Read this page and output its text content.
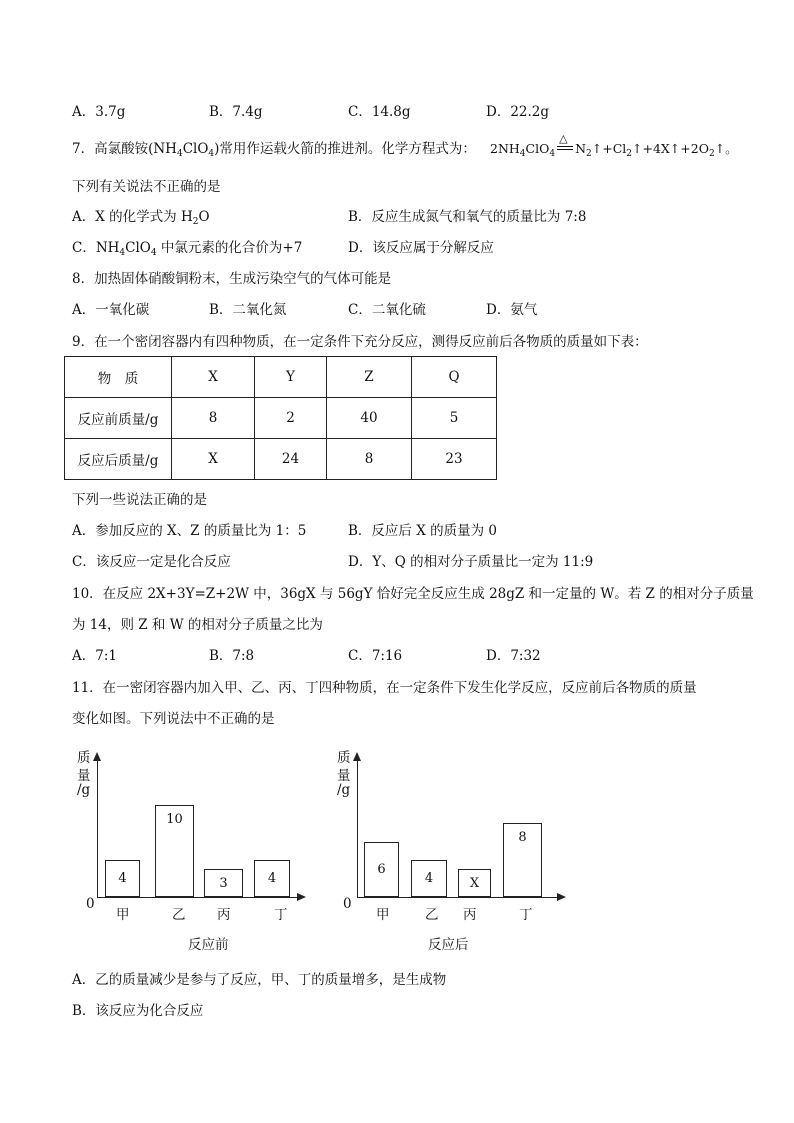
A．3.7g	B．7.4g	C．14.8g	D．22.2g
7．高氯酸铵$(NH_4ClO_4)$常用作运载火箭的推进剂。化学方程式为： $2NH_4ClO_4$
△
$N_2↑+Cl_2↑+4X↑+2O_2↑$。
下列有关说法不正确的是
A．X 的化学式为 $H_2O$	B．反应生成氮气和氧气的质量比为 7:8
C．$NH_4ClO_4$ 中氯元素的化合价为+7	D．该反应属于分解反应
8．加热固体硝酸铜粉末，生成污染空气的气体可能是
A．一氧化碳	B．二氧化氮	C．二氧化硫	D．氨气
9．在一个密闭容器内有四种物质，在一定条件下充分反应，测得反应前后各物质的质量如下表：
物　质	X	Y	Z	Q
反应前质量/g	8	2	40	5
反应后质量/g	X	24	8	23
下列一些说法正确的是
A．参加反应的 X、Z 的质量比为 1：5	B．反应后 X 的质量为 0
C．该反应一定是化合反应	D．Y、Q 的相对分子质量比一定为 11:9
10．在反应 2X+3Y=Z+2W 中，36gX 与 56gY 恰好完全反应生成 28gZ 和一定量的 W。若 Z 的相对分子质量
为 14，则 Z 和 W 的相对分子质量之比为
A．7:1	B．7:8	C．7:16	D．7:32
11．在一密闭容器内加入甲、乙、丙、丁四种物质，在一定条件下发生化学反应，反应前后各物质的质量
变化如图。下列说法中不正确的是
质
量
/g
0
反应前
4
甲
10
乙
3
丙
4
丁
质
量
/g
0
反应后
6
甲
4
乙
X
丙
8
丁
A．乙的质量减少是参与了反应，甲、丁的质量增多，是生成物
B．该反应为化合反应
